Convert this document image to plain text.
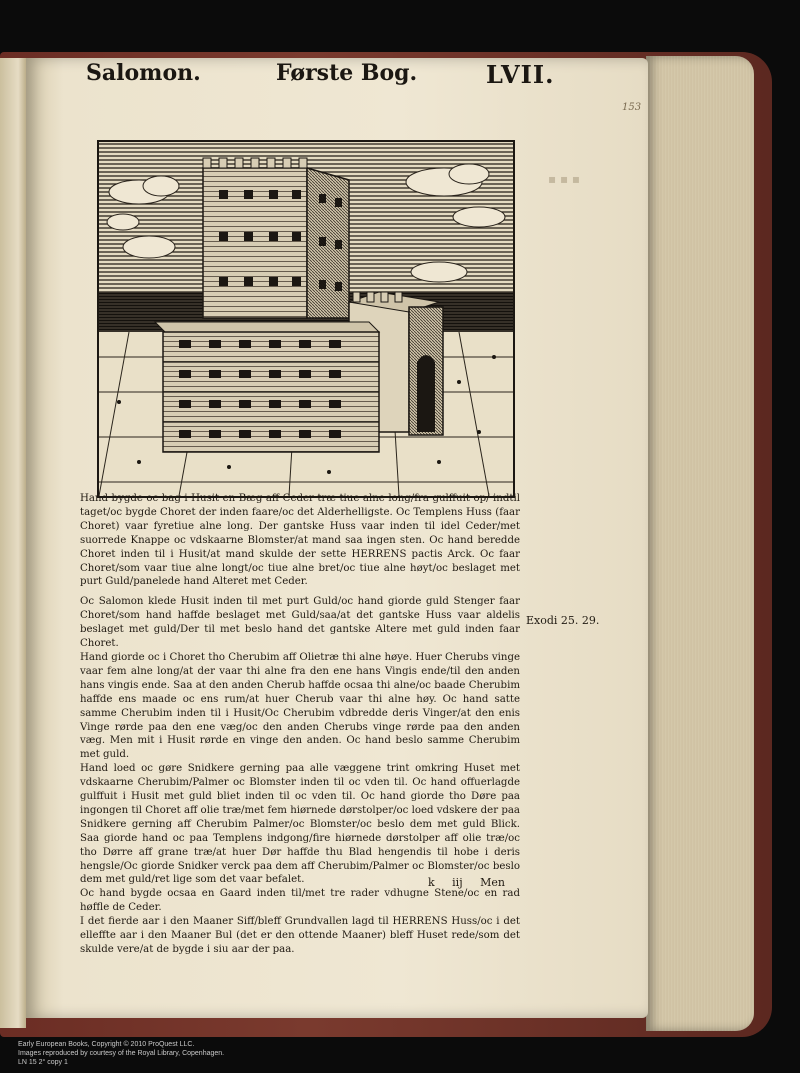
153
▪ ▪ ▪
Salomon.	Første Bog.	LVII.

Hand bygde oc bag i Husit en Bæg aff Ceder træ tiue alne long/fra gulffuit op/ indtil taget/oc bygde Choret der inden faare/oc det Alderhelligste. Oc Templens Huss (faar Choret) vaar fyretiue alne long. Der gantske Huss vaar inden til idel Ceder/met suorrede Knappe oc vdskaarne Blomster/at mand saa ingen sten. Oc hand beredde Choret inden til i Husit/at mand skulde der sette HERRENS pactis Arck. Oc faar Choret/som vaar tiue alne longt/oc tiue alne bret/oc tiue alne høyt/oc beslaget met purt Guld/panelede hand Alteret met Ceder.

Oc Salomon klede Husit inden til met purt Guld/oc hand giorde guld Stenger faar Choret/som hand haffde beslaget met Guld/saa/at det gantske Huss vaar aldelis beslaget met guld/Der til met beslo hand det gantske Altere met guld inden faar Choret.

Hand giorde oc i Choret tho Cherubim aff Olietræ thi alne høye. Huer Cherubs vinge vaar fem alne long/at der vaar thi alne fra den ene hans Vingis ende/til den anden hans vingis ende. Saa at den anden Cherub haffde ocsaa thi alne/oc baade Cherubim haffde ens maade oc ens rum/at huer Cherub vaar thi alne høy. Oc hand satte samme Cherubim inden til i Husit/Oc Cherubim vdbredde deris Vinger/at den enis Vinge rørde paa den ene væg/oc den anden Cherubs vinge rørde paa den anden væg. Men mit i Husit rørde en vinge den anden. Oc hand beslo samme Cherubim met guld.

Hand loed oc gøre Snidkere gerning paa alle væggene trint omkring Huset met vdskaarne Cherubim/Palmer oc Blomster inden til oc vden til. Oc hand offuerlagde gulffuit i Husit met guld bliet inden til oc vden til. Oc hand giorde tho Døre paa ingongen til Choret aff olie træ/met fem hiørnede dørstolper/oc loed vdskere der paa Snidkere gerning aff Cherubim Palmer/oc Blomster/oc beslo dem met guld Blick. Saa giorde hand oc paa Templens indgong/fire hiørnede dørstolper aff olie træ/oc tho Dørre aff grane træ/at huer Dør haffde thu Blad hengendis til hobe i deris hengsle/Oc giorde Snidker verck paa dem aff Cherubim/Palmer oc Blomster/oc beslo dem met guld/ret lige som det vaar befalet.

Oc hand bygde ocsaa en Gaard inden til/met tre rader vdhugne Stene/oc en rad høffle de Ceder.

I det fierde aar i den Maaner Siff/bleff Grundvallen lagd til HERRENS Huss/oc i det elleffte aar i den Maaner Bul (det er den ottende Maaner) bleff Huset rede/som det skulde vere/at de bygde i siu aar der paa.

Exodi 25. 29.
k iij Men
Early European Books, Copyright © 2010 ProQuest LLC.
Images reproduced by courtesy of the Royal Library, Copenhagen.
LN 15 2° copy 1
